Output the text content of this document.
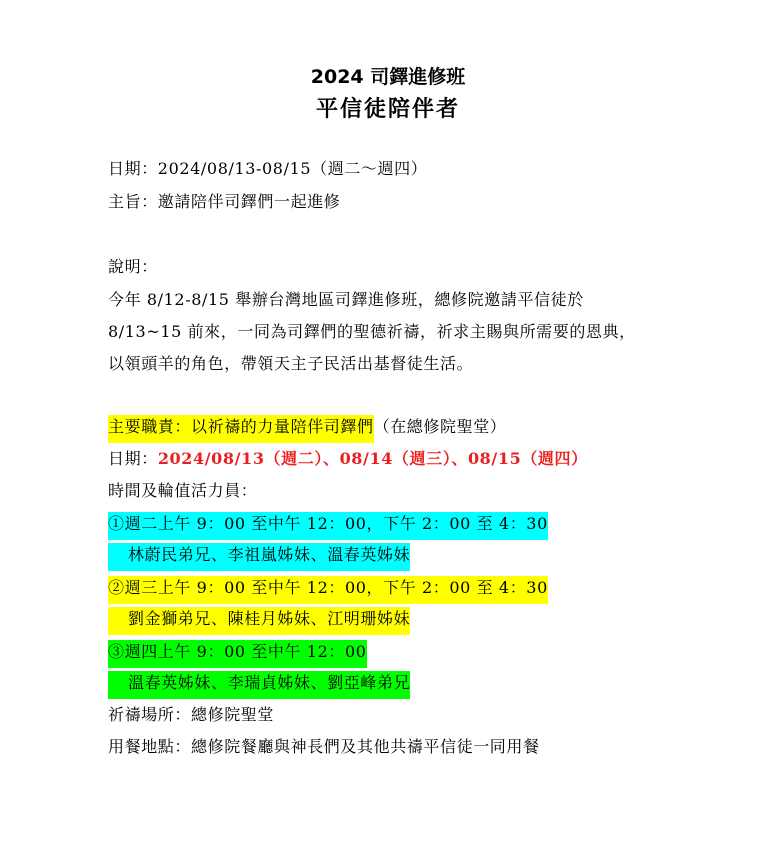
2024 司鐸進修班
平信徒陪伴者
日期：2024/08/13-08/15（週二～週四）
主旨：邀請陪伴司鐸們一起進修
說明：
今年 8/12-8/15 舉辦台灣地區司鐸進修班，總修院邀請平信徒於
8/13~15 前來，一同為司鐸們的聖德祈禱，祈求主賜與所需要的恩典，
以領頭羊的角色，帶領天主子民活出基督徒生活。
主要職責：以祈禱的力量陪伴司鐸們（在總修院聖堂）
日期：2024/08/13（週二）、08/14（週三）、08/15（週四）
時間及輪值活力員：
①週二上午 9：00 至中午 12：00，下午 2：00 至 4：30
林蔚民弟兄、李祖嵐姊妹、溫春英姊妹
②週三上午 9：00 至中午 12：00，下午 2：00 至 4：30
劉金獅弟兄、陳桂月姊妹、江明珊姊妹
③週四上午 9：00 至中午 12：00
溫春英姊妹、李瑞貞姊妹、劉亞峰弟兄
祈禱場所：總修院聖堂
用餐地點：總修院餐廳與神長們及其他共禱平信徒一同用餐
